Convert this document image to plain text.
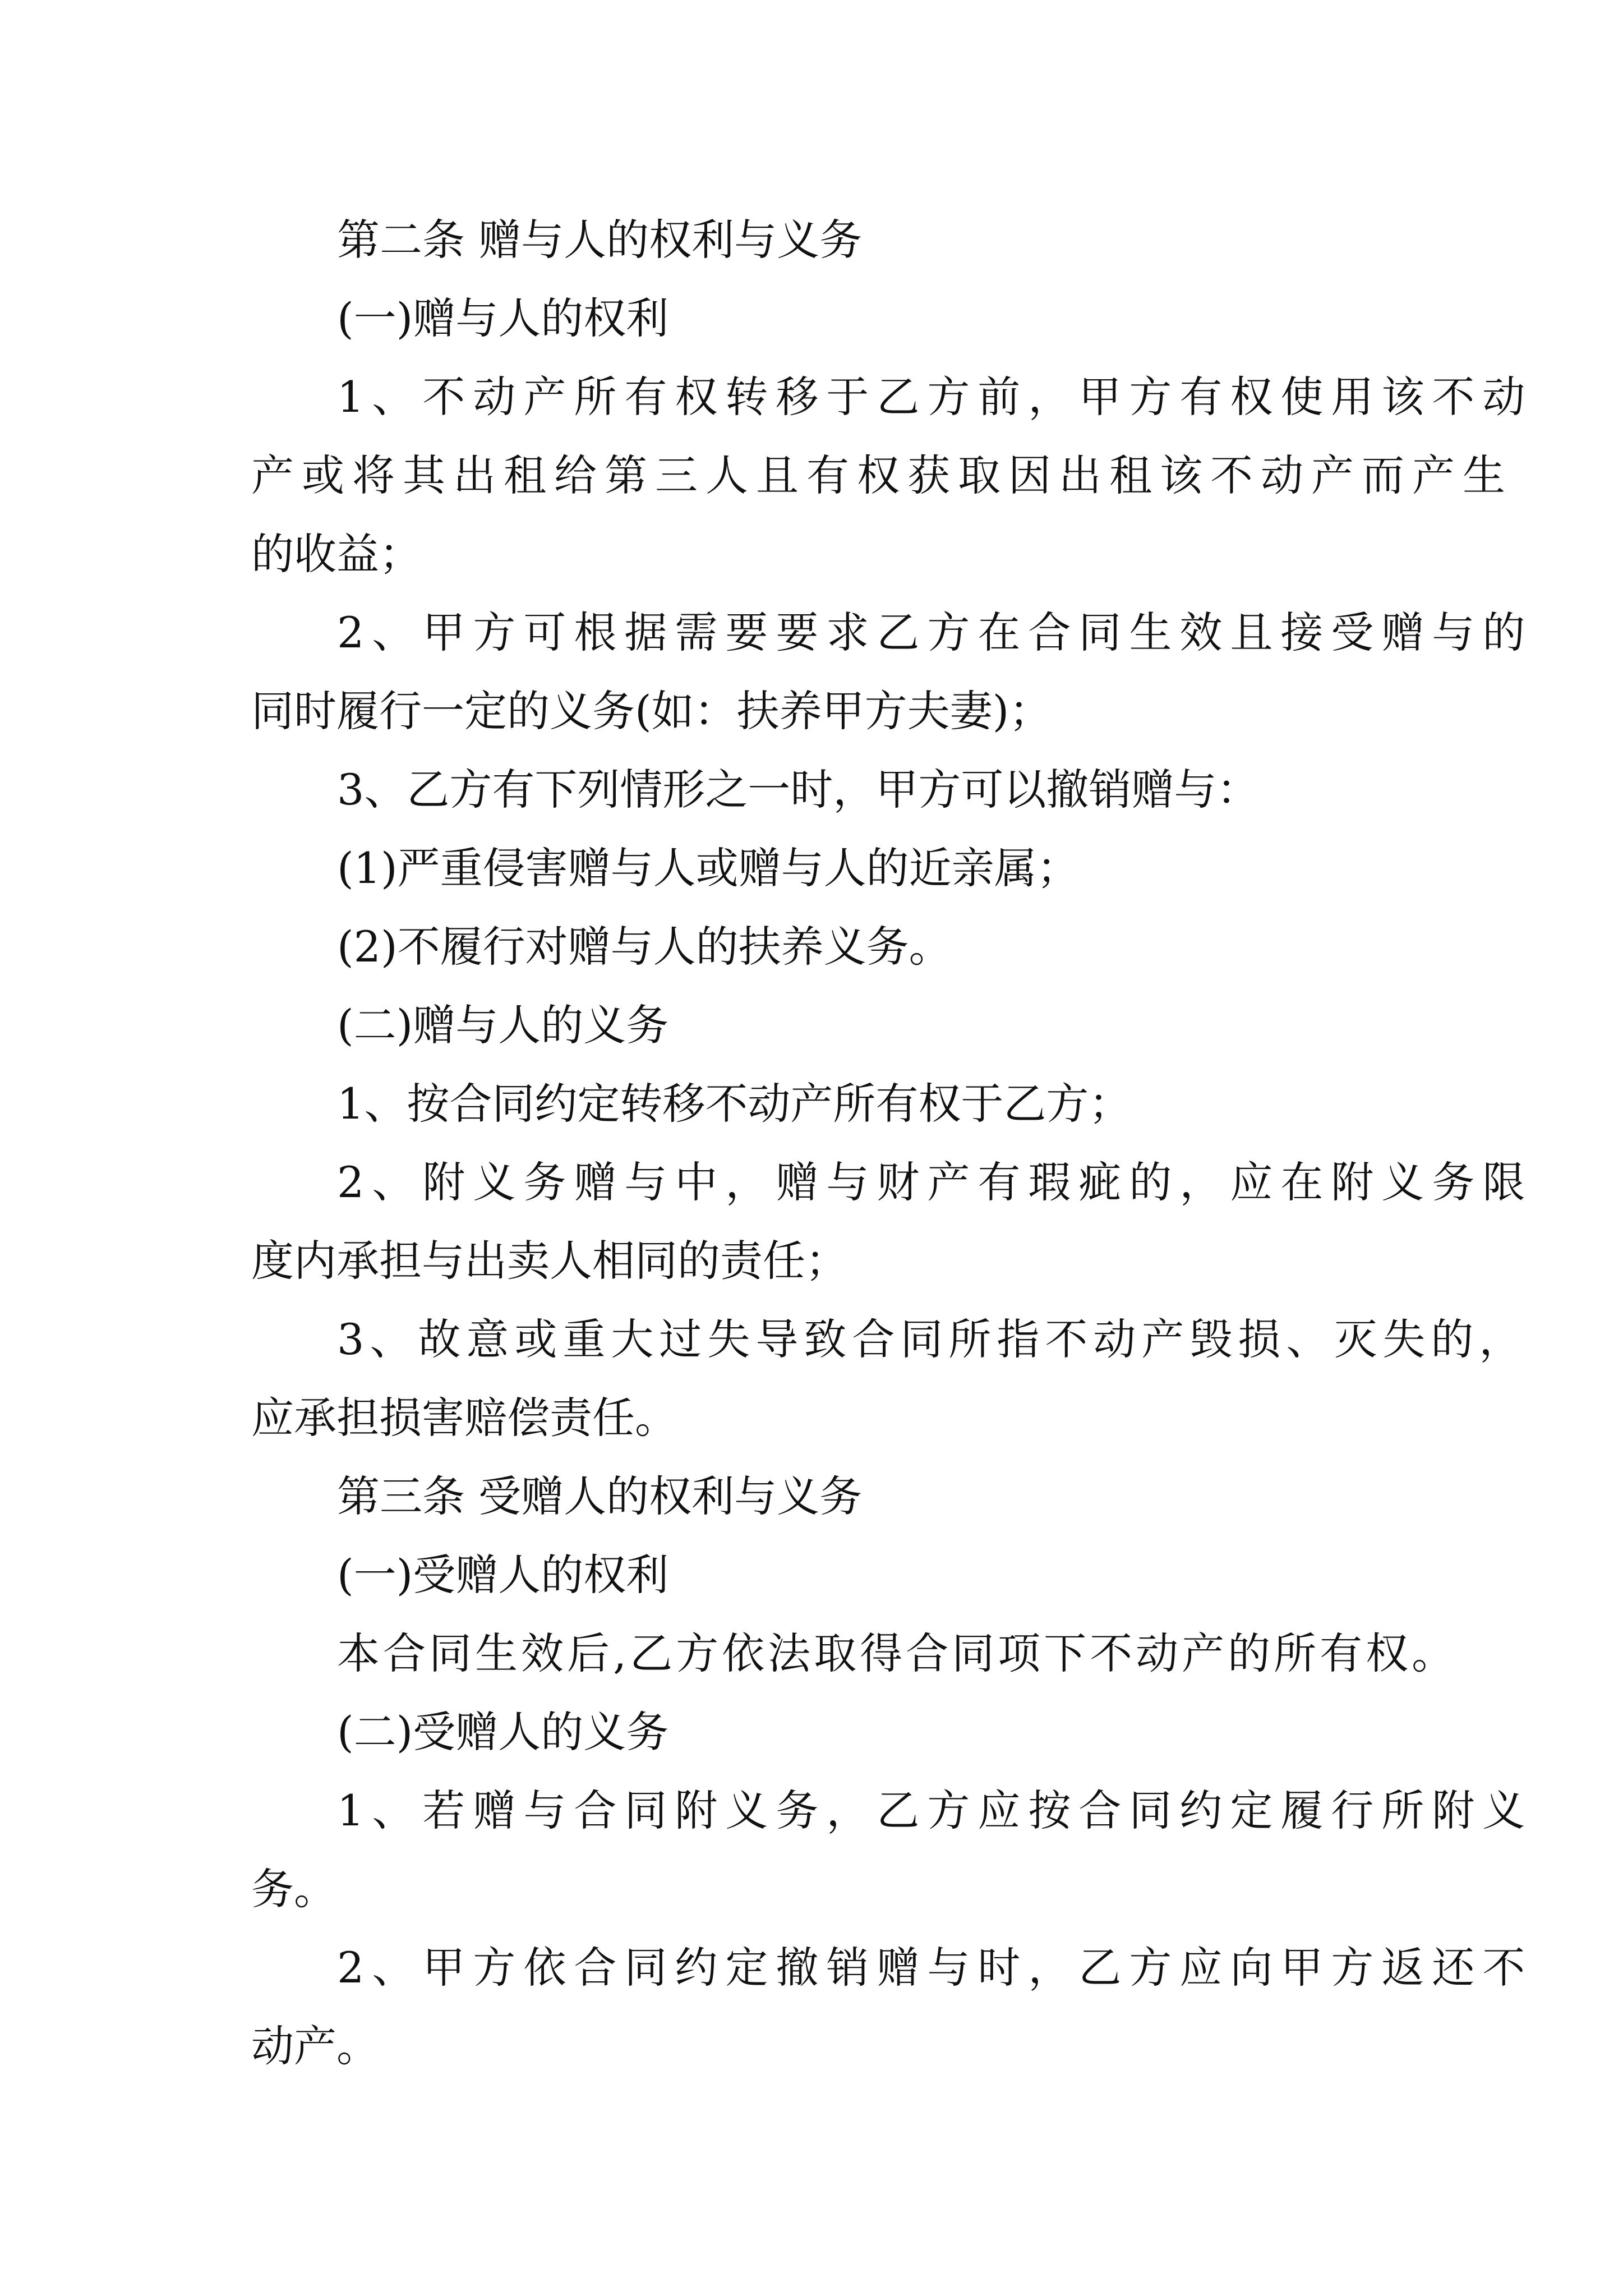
第二条 赠与人的权利与义务

(一)赠与人的权利

1、不动产所有权转移于乙方前，甲方有权使用该不动

产或将其出租给第三人且有权获取因出租该不动产而产生

的收益；

2、甲方可根据需要要求乙方在合同生效且接受赠与的

同时履行一定的义务(如：扶养甲方夫妻)；

3、乙方有下列情形之一时，甲方可以撤销赠与：

(1)严重侵害赠与人或赠与人的近亲属；

(2)不履行对赠与人的扶养义务。

(二)赠与人的义务

1、按合同约定转移不动产所有权于乙方；

2、附义务赠与中，赠与财产有瑕疵的，应在附义务限

度内承担与出卖人相同的责任；

3、故意或重大过失导致合同所指不动产毁损、灭失的，

应承担损害赔偿责任。

第三条 受赠人的权利与义务

(一)受赠人的权利

本合同生效后,乙方依法取得合同项下不动产的所有权。

(二)受赠人的义务

1、若赠与合同附义务，乙方应按合同约定履行所附义

务。

2、甲方依合同约定撤销赠与时，乙方应向甲方返还不

动产。
